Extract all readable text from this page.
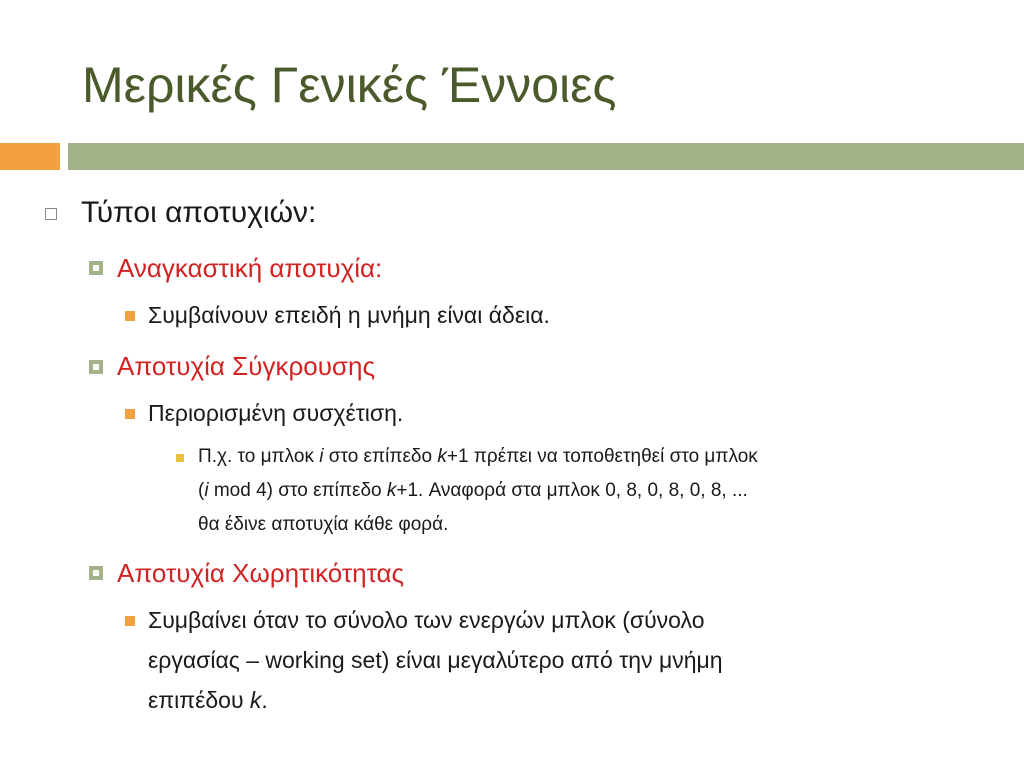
Μερικές Γενικές Έννοιες
Τύποι αποτυχιών:
Αναγκαστική αποτυχία:
Συμβαίνουν επειδή η μνήμη είναι άδεια.
Αποτυχία Σύγκρουσης
Περιορισμένη συσχέτιση.
Π.χ. το μπλοκ i στο επίπεδο k+1 πρέπει να τοποθετηθεί στο μπλοκ
(i mod 4) στο επίπεδο k+1. Αναφορά στα μπλοκ 0, 8, 0, 8, 0, 8, ...
θα έδινε αποτυχία κάθε φορά.
Αποτυχία Χωρητικότητας
Συμβαίνει όταν το σύνολο των ενεργών μπλοκ (σύνολο
εργασίας – working set) είναι μεγαλύτερο από την μνήμη
επιπέδου k.
